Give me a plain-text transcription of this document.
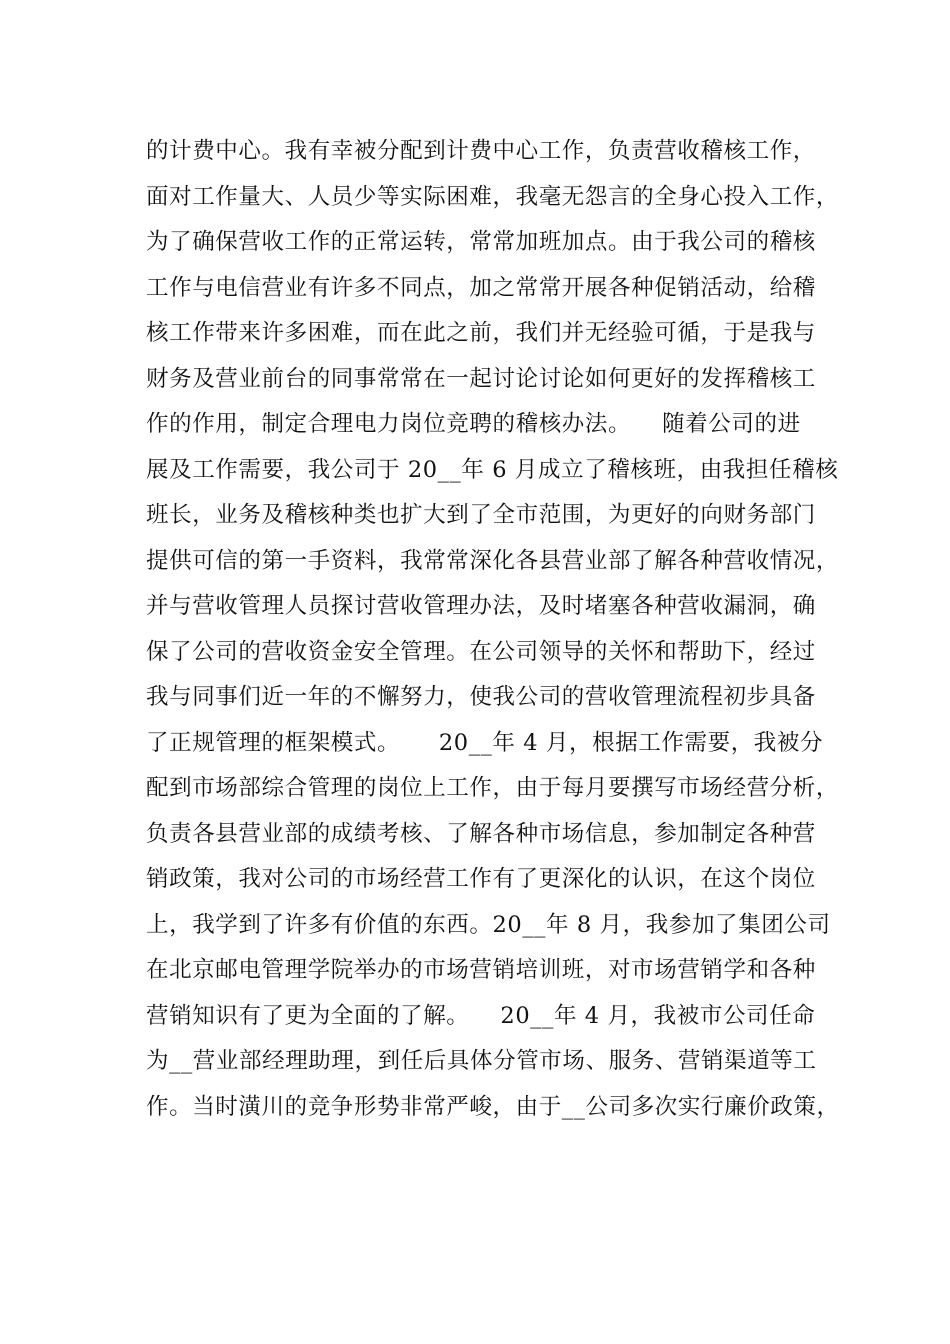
的计费中心。我有幸被分配到计费中心工作，负责营收稽核工作，
面对工作量大、人员少等实际困难，我毫无怨言的全身心投入工作，
为了确保营收工作的正常运转，常常加班加点。由于我公司的稽核
工作与电信营业有许多不同点，加之常常开展各种促销活动，给稽
核工作带来许多困难，而在此之前，我们并无经验可循，于是我与
财务及营业前台的同事常常在一起讨论讨论如何更好的发挥稽核工
作的作用，制定合理电力岗位竞聘的稽核办法。    随着公司的进
展及工作需要，我公司于 20__年 6 月成立了稽核班，由我担任稽核
班长，业务及稽核种类也扩大到了全市范围，为更好的向财务部门
提供可信的第一手资料，我常常深化各县营业部了解各种营收情况，
并与营收管理人员探讨营收管理办法，及时堵塞各种营收漏洞，确
保了公司的营收资金安全管理。在公司领导的关怀和帮助下，经过
我与同事们近一年的不懈努力，使我公司的营收管理流程初步具备
了正规管理的框架模式。     20__年 4 月，根据工作需要，我被分
配到市场部综合管理的岗位上工作，由于每月要撰写市场经营分析，
负责各县营业部的成绩考核、了解各种市场信息，参加制定各种营
销政策，我对公司的市场经营工作有了更深化的认识，在这个岗位
上，我学到了许多有价值的东西。20__年 8 月，我参加了集团公司
在北京邮电管理学院举办的市场营销培训班，对市场营销学和各种
营销知识有了更为全面的了解。    20__年 4 月，我被市公司任命
为__营业部经理助理，到任后具体分管市场、服务、营销渠道等工
作。当时潢川的竞争形势非常严峻，由于__公司多次实行廉价政策，
